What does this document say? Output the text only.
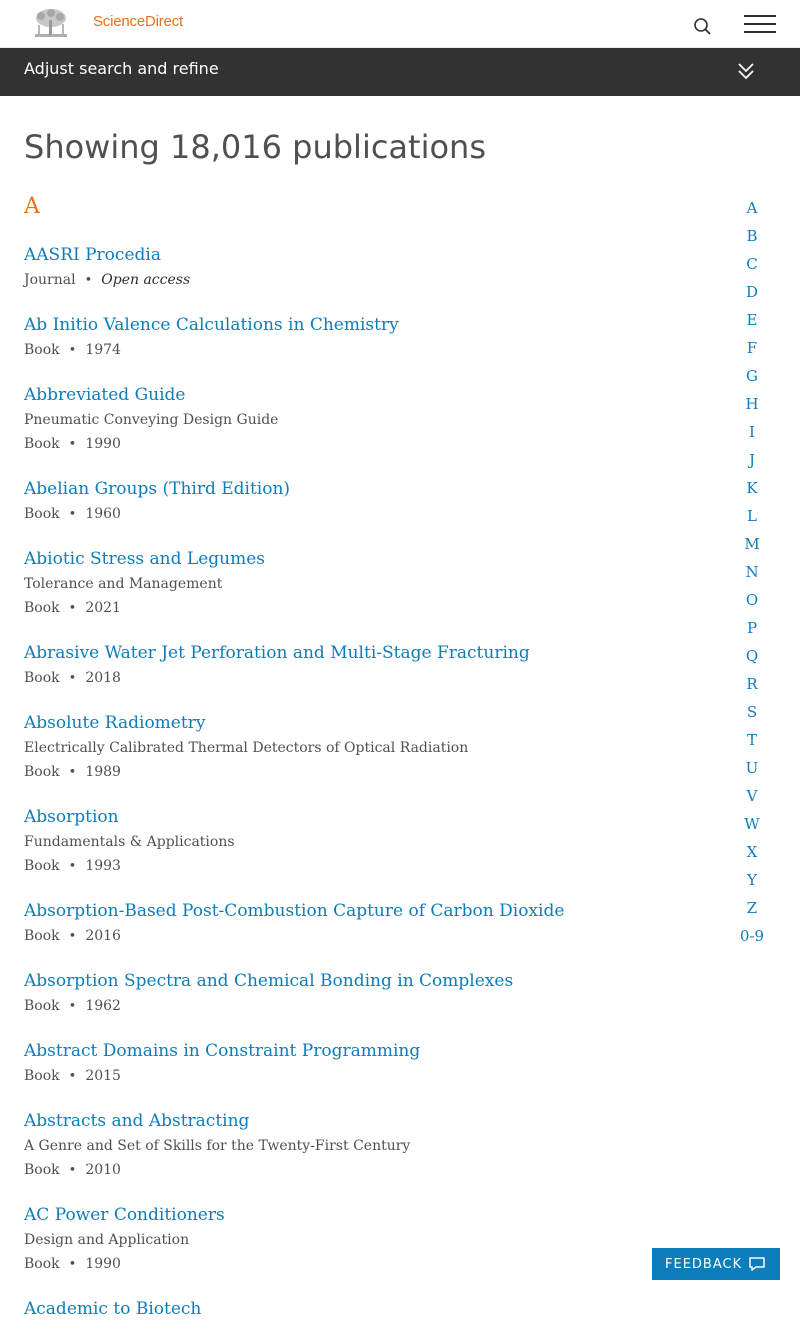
ScienceDirect
Adjust search and refine
Showing 18,016 publications
A
AASRI Procedia
Journal • Open access
Ab Initio Valence Calculations in Chemistry
Book • 1974
Abbreviated Guide
Pneumatic Conveying Design Guide
Book • 1990
Abelian Groups (Third Edition)
Book • 1960
Abiotic Stress and Legumes
Tolerance and Management
Book • 2021
Abrasive Water Jet Perforation and Multi-Stage Fracturing
Book • 2018
Absolute Radiometry
Electrically Calibrated Thermal Detectors of Optical Radiation
Book • 1989
Absorption
Fundamentals & Applications
Book • 1993
Absorption-Based Post-Combustion Capture of Carbon Dioxide
Book • 2016
Absorption Spectra and Chemical Bonding in Complexes
Book • 1962
Abstract Domains in Constraint Programming
Book • 2015
Abstracts and Abstracting
A Genre and Set of Skills for the Twenty-First Century
Book • 2010
AC Power Conditioners
Design and Application
Book • 1990
Academic to Biotech
A
B
C
D
E
F
G
H
I
J
K
L
M
N
O
P
Q
R
S
T
U
V
W
X
Y
Z
0-9
FEEDBACK
